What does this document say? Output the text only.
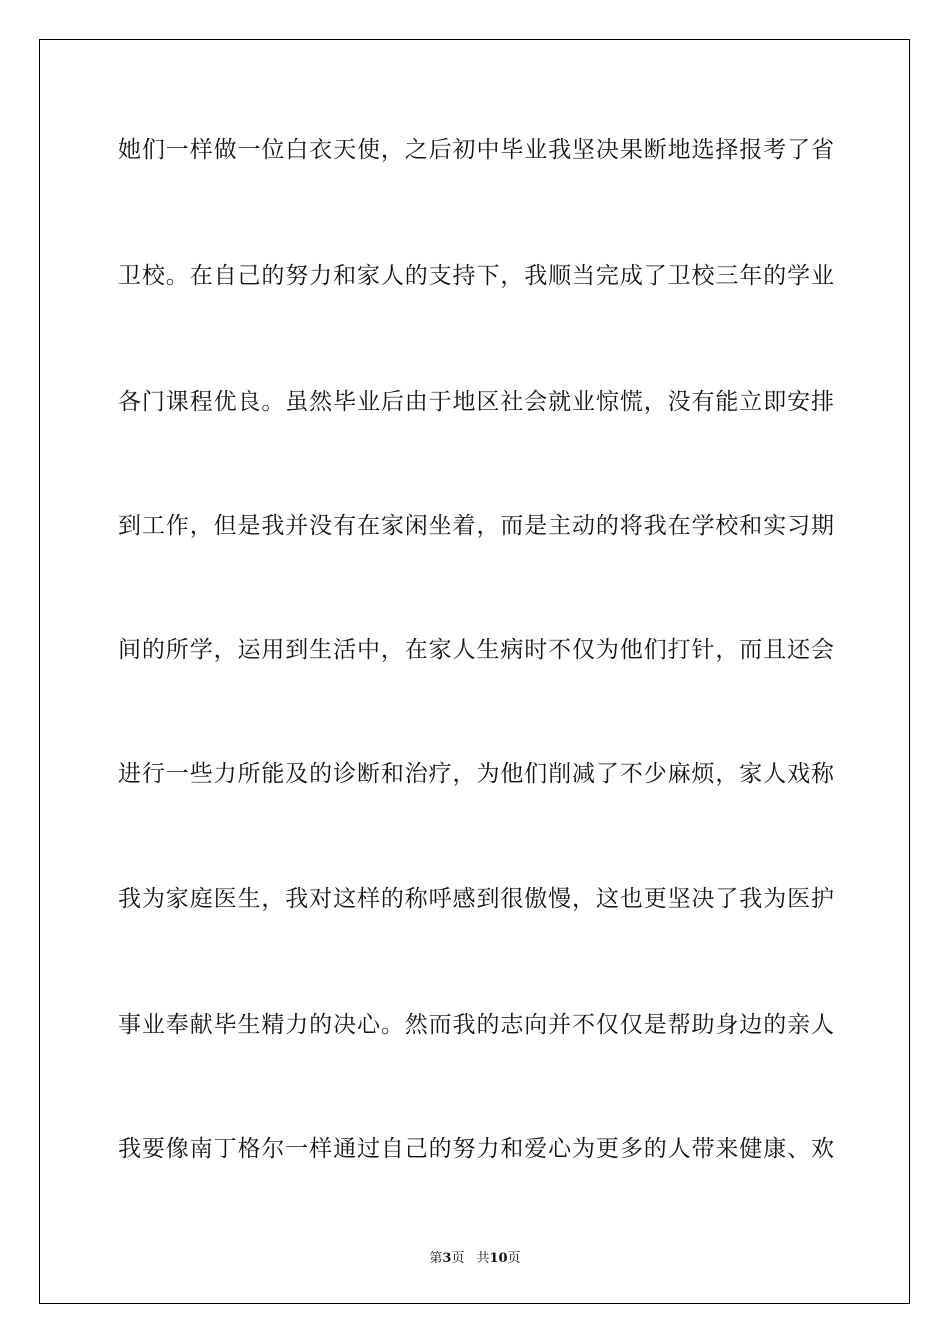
她们一样做一位白衣天使，之后初中毕业我坚决果断地选择报考了省
卫校。在自己的努力和家人的支持下，我顺当完成了卫校三年的学业
各门课程优良。虽然毕业后由于地区社会就业惊慌，没有能立即安排
到工作，但是我并没有在家闲坐着，而是主动的将我在学校和实习期
间的所学，运用到生活中，在家人生病时不仅为他们打针，而且还会
进行一些力所能及的诊断和治疗，为他们削减了不少麻烦，家人戏称
我为家庭医生，我对这样的称呼感到很傲慢，这也更坚决了我为医护
事业奉献毕生精力的决心。然而我的志向并不仅仅是帮助身边的亲人
我要像南丁格尔一样通过自己的努力和爱心为更多的人带来健康、欢
第3页 共10页
